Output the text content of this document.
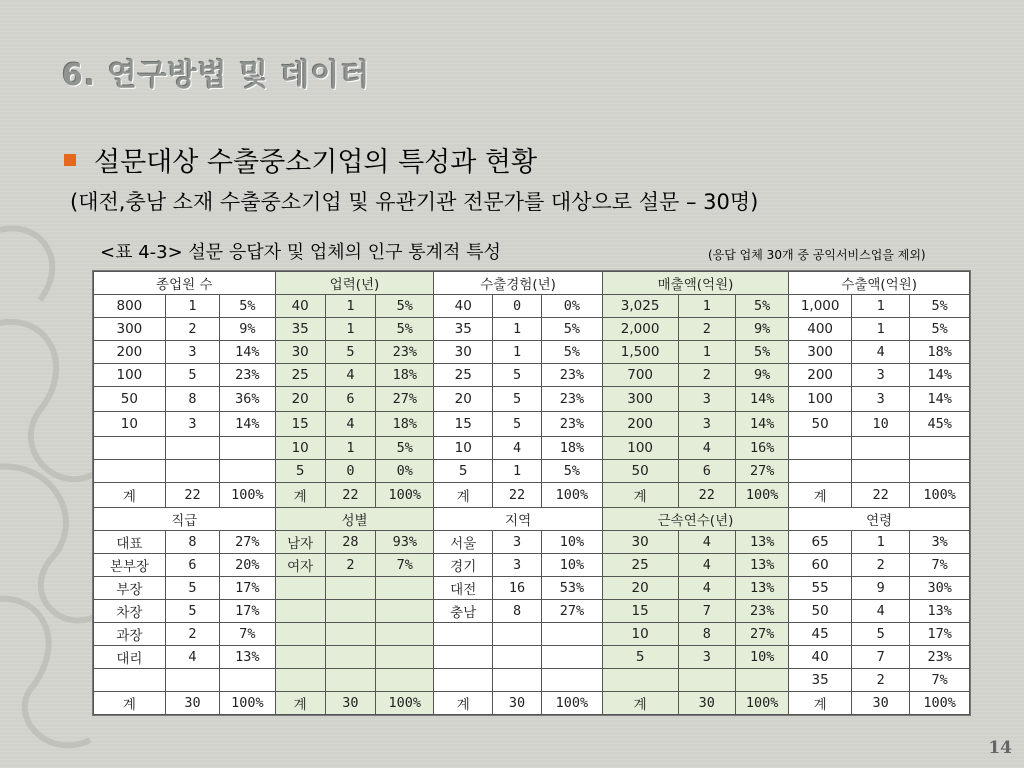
6. 연구방법 및 데이터
설문대상 수출중소기업의 특성과 현황
(대전,충남 소재 수출중소기업 및 유관기관 전문가를 대상으로 설문 – 30명)
<표 4-3> 설문 응답자 및 업체의 인구 통계적 특성	(응답 업체 30개 중 공익서비스업을 제외)
종업원 수			업력(년)			수출경험(년)			매출액(억원)			수출액(억원)		
800	1	5%	40	1	5%	40	0	0%	3,025	1	5%	1,000	1	5%
300	2	9%	35	1	5%	35	1	5%	2,000	2	9%	400	1	5%
200	3	14%	30	5	23%	30	1	5%	1,500	1	5%	300	4	18%
100	5	23%	25	4	18%	25	5	23%	700	2	9%	200	3	14%
50	8	36%	20	6	27%	20	5	23%	300	3	14%	100	3	14%
10	3	14%	15	4	18%	15	5	23%	200	3	14%	50	10	45%
			10	1	5%	10	4	18%	100	4	16%			
			5	0	0%	5	1	5%	50	6	27%			
계	22	100%	계	22	100%	계	22	100%	계	22	100%	계	22	100%
직급			성별			지역			근속연수(년)			연령		
대표	8	27%	남자	28	93%	서울	3	10%	30	4	13%	65	1	3%
본부장	6	20%	여자	2	7%	경기	3	10%	25	4	13%	60	2	7%
부장	5	17%				대전	16	53%	20	4	13%	55	9	30%
차장	5	17%				충남	8	27%	15	7	23%	50	4	13%
과장	2	7%							10	8	27%	45	5	17%
대리	4	13%							5	3	10%	40	7	23%
												35	2	7%
계	30	100%	계	30	100%	계	30	100%	계	30	100%	계	30	100%
14
